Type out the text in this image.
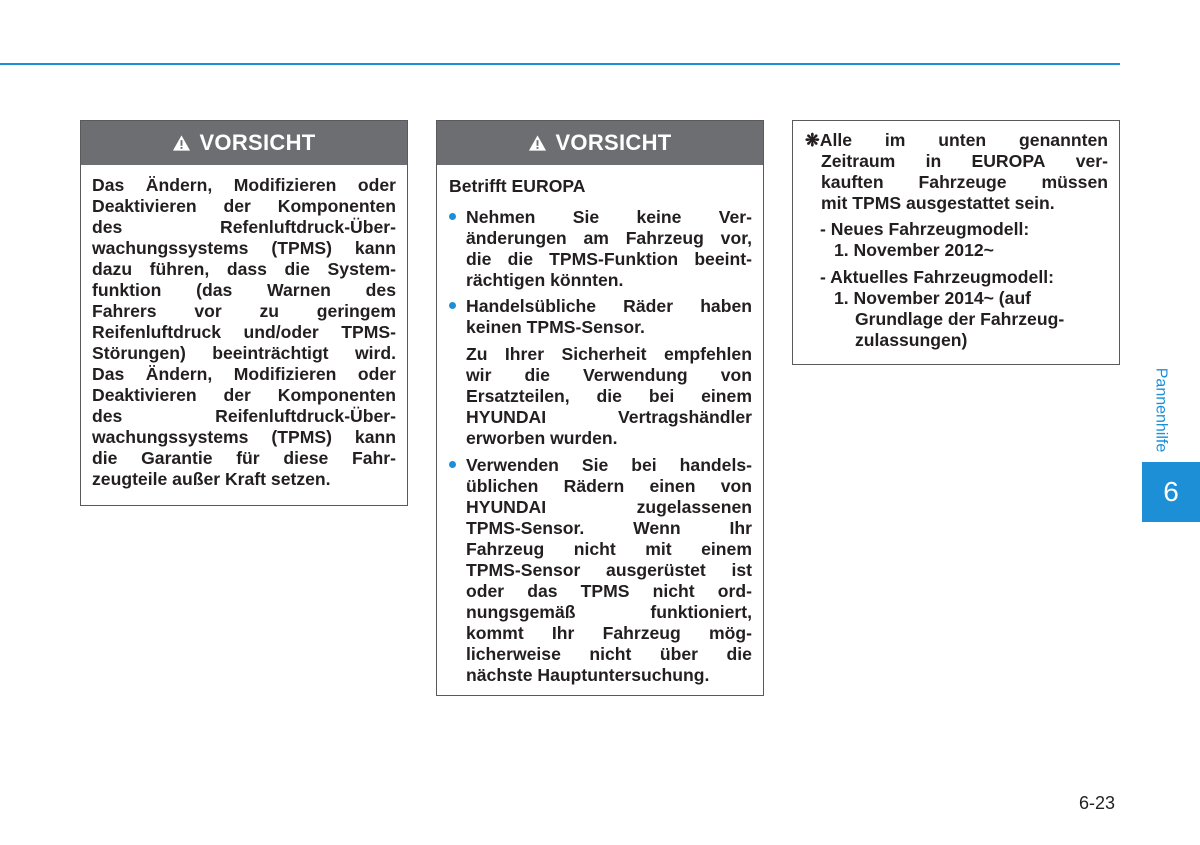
VORSICHT
Das Ändern, Modifizieren oder
Deaktivieren der Komponenten
des	Refenluftdruck-Über-
wachungssystems (TPMS) kann
dazu führen, dass die System-
funktion (das Warnen des
Fahrers vor zu geringem
Reifenluftdruck und/oder TPMS-
Störungen) beeinträchtigt wird.
Das Ändern, Modifizieren oder
Deaktivieren der Komponenten
des	Reifenluftdruck-Über-
wachungssystems (TPMS) kann
die Garantie für diese Fahr-
zeugteile außer Kraft setzen.
VORSICHT
Betrifft EUROPA
Nehmen Sie keine Ver-
änderungen am Fahrzeug vor,
die die TPMS-Funktion beeint-
rächtigen könnten.
Handelsübliche Räder haben
keinen TPMS-Sensor.
Zu Ihrer Sicherheit empfehlen
wir die Verwendung von
Ersatzteilen, die bei einem
HYUNDAI	Vertragshändler
erworben wurden.
Verwenden Sie bei handels-
üblichen Rädern einen von
HYUNDAI	zugelassenen
TPMS-Sensor.	Wenn	Ihr
Fahrzeug nicht mit einem
TPMS-Sensor ausgerüstet ist
oder das TPMS nicht ord-
nungsgemäß	funktioniert,
kommt Ihr Fahrzeug mög-
licherweise nicht über die
nächste Hauptuntersuchung.
❋Alle im unten genannten
Zeitraum in EUROPA ver-
kauften Fahrzeuge müssen
mit TPMS ausgestattet sein.
- Neues Fahrzeugmodell:
1. November 2012~
- Aktuelles Fahrzeugmodell:
1. November 2014~ (auf
Grundlage der Fahrzeug-
zulassungen)
Pannenhilfe
6
6-23
